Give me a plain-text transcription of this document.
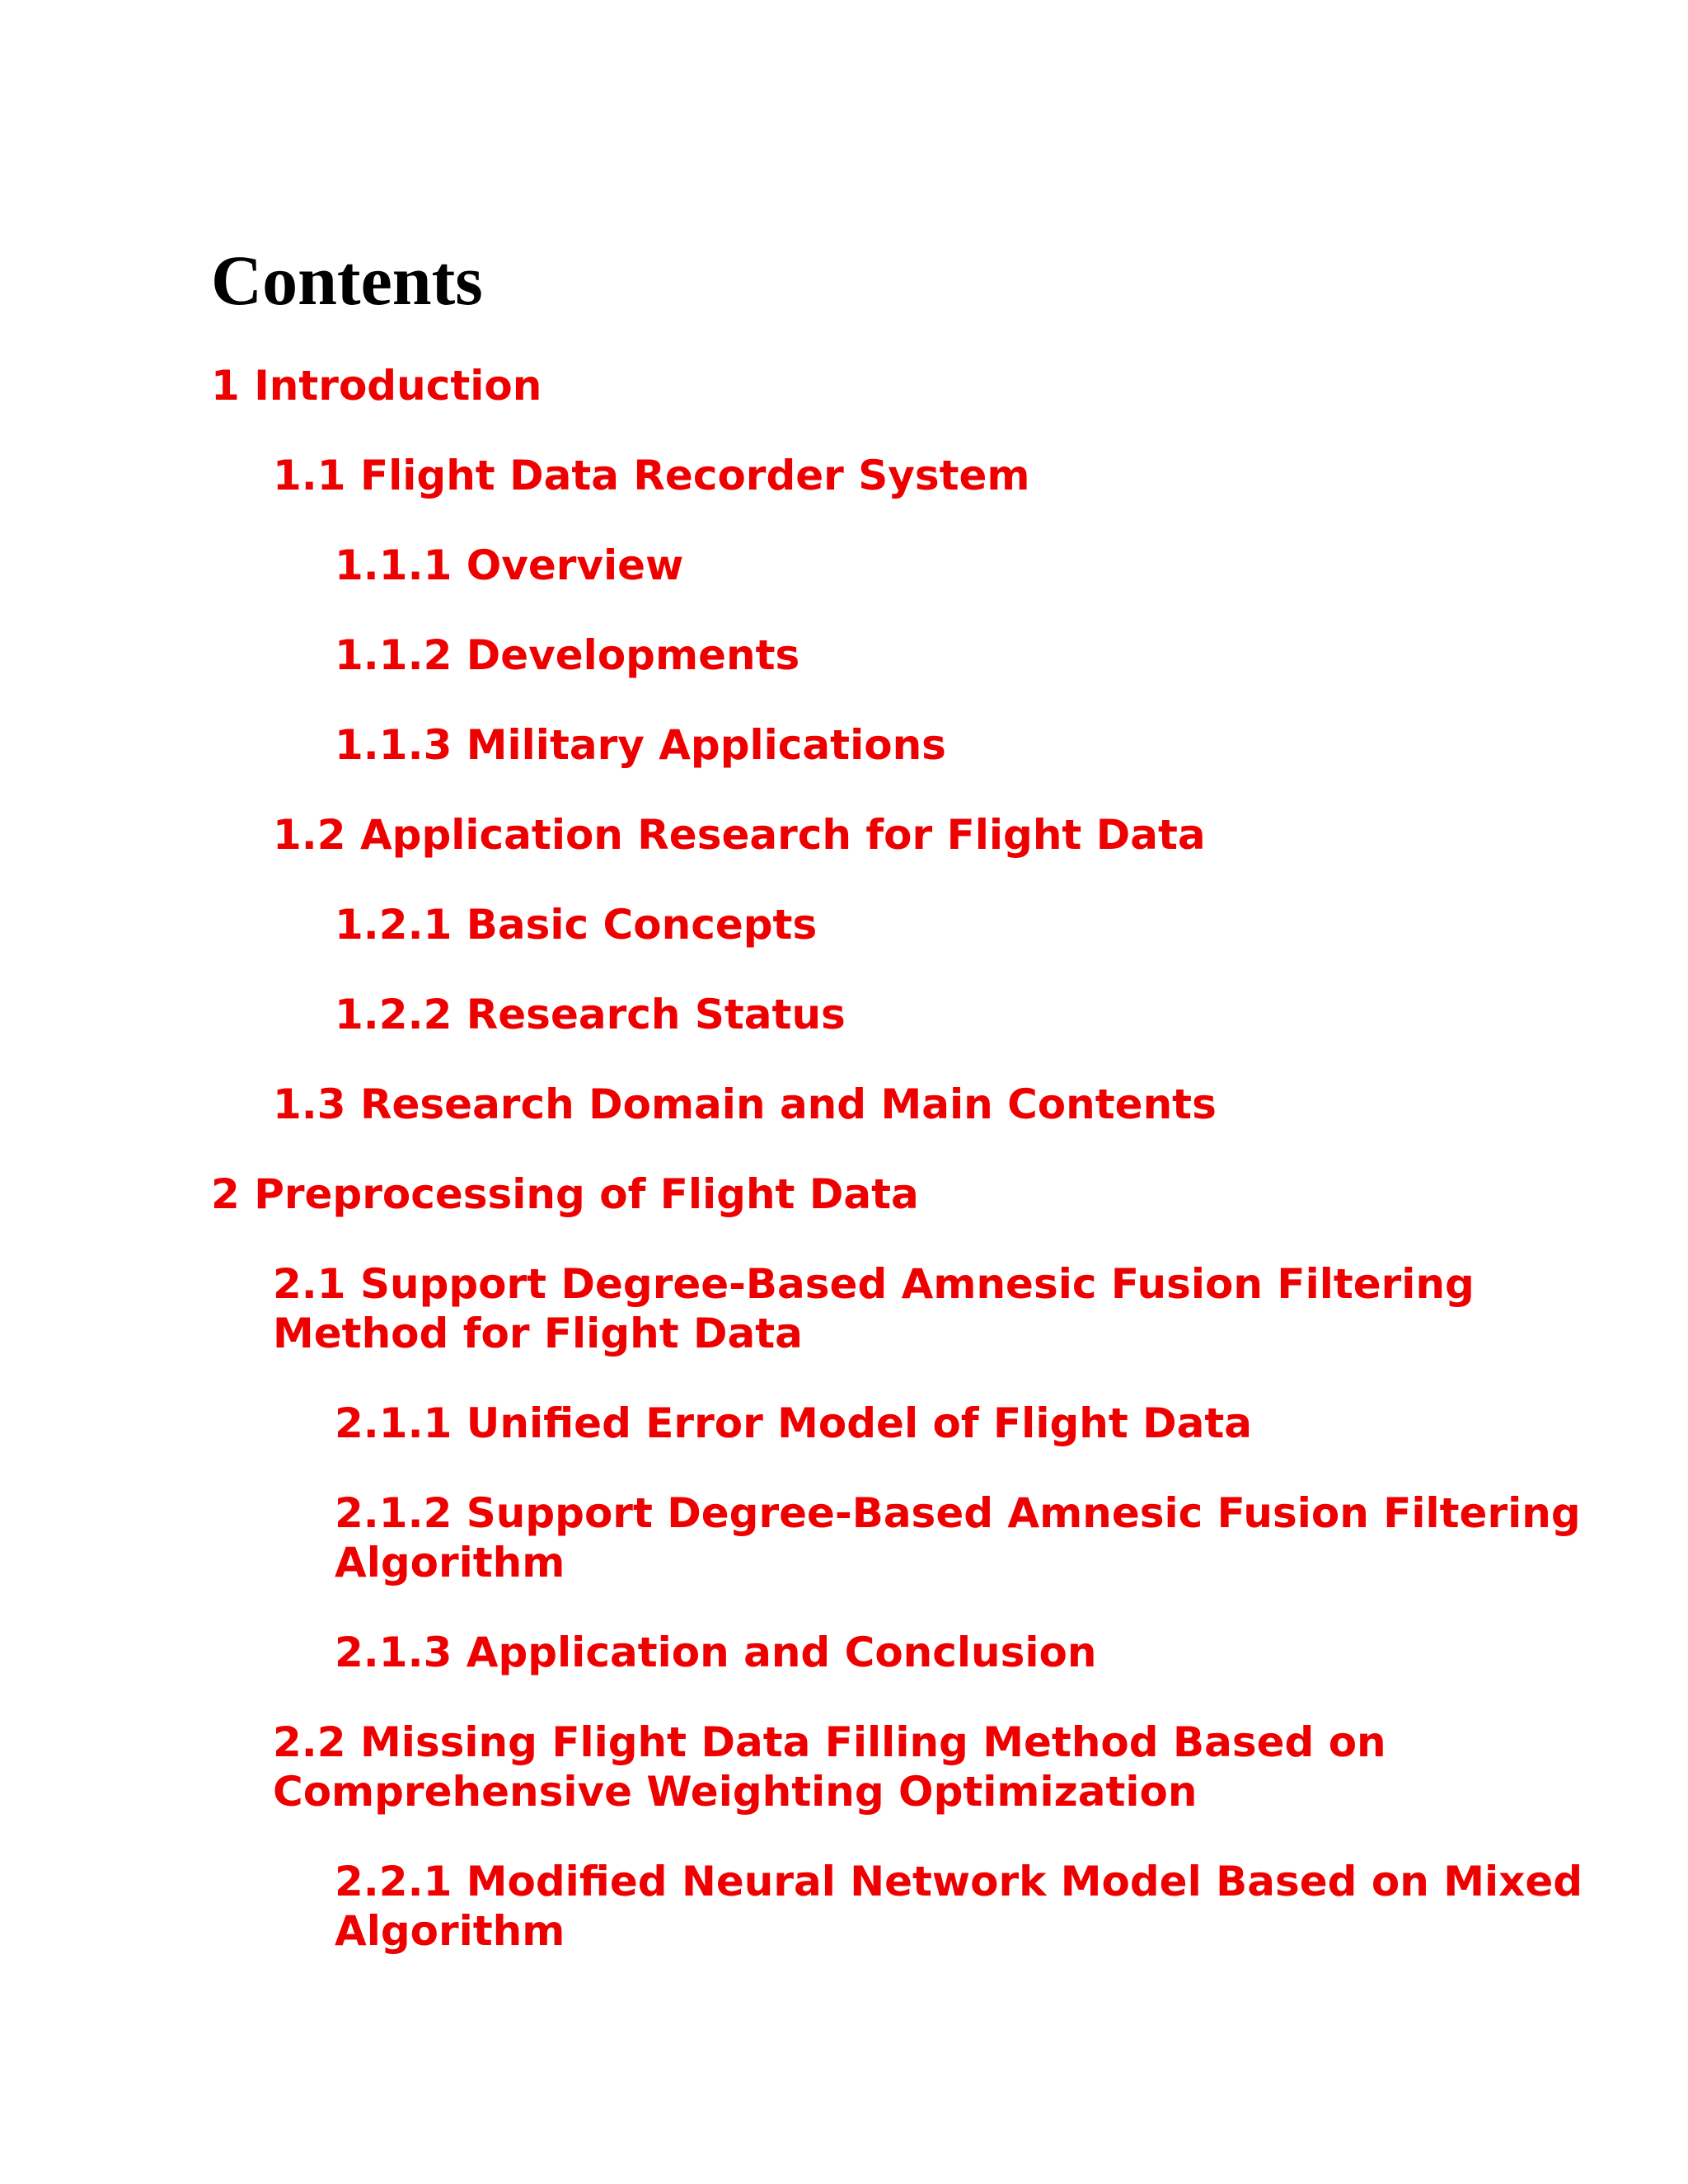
Contents
1 Introduction
1.1 Flight Data Recorder System
1.1.1 Overview
1.1.2 Developments
1.1.3 Military Applications
1.2 Application Research for Flight Data
1.2.1 Basic Concepts
1.2.2 Research Status
1.3 Research Domain and Main Contents
2 Preprocessing of Flight Data
2.1 Support Degree-Based Amnesic Fusion Filtering
Method for Flight Data
2.1.1 Unified Error Model of Flight Data
2.1.2 Support Degree-Based Amnesic Fusion Filtering
Algorithm
2.1.3 Application and Conclusion
2.2 Missing Flight Data Filling Method Based on
Comprehensive Weighting Optimization
2.2.1 Modified Neural Network Model Based on Mixed
Algorithm
